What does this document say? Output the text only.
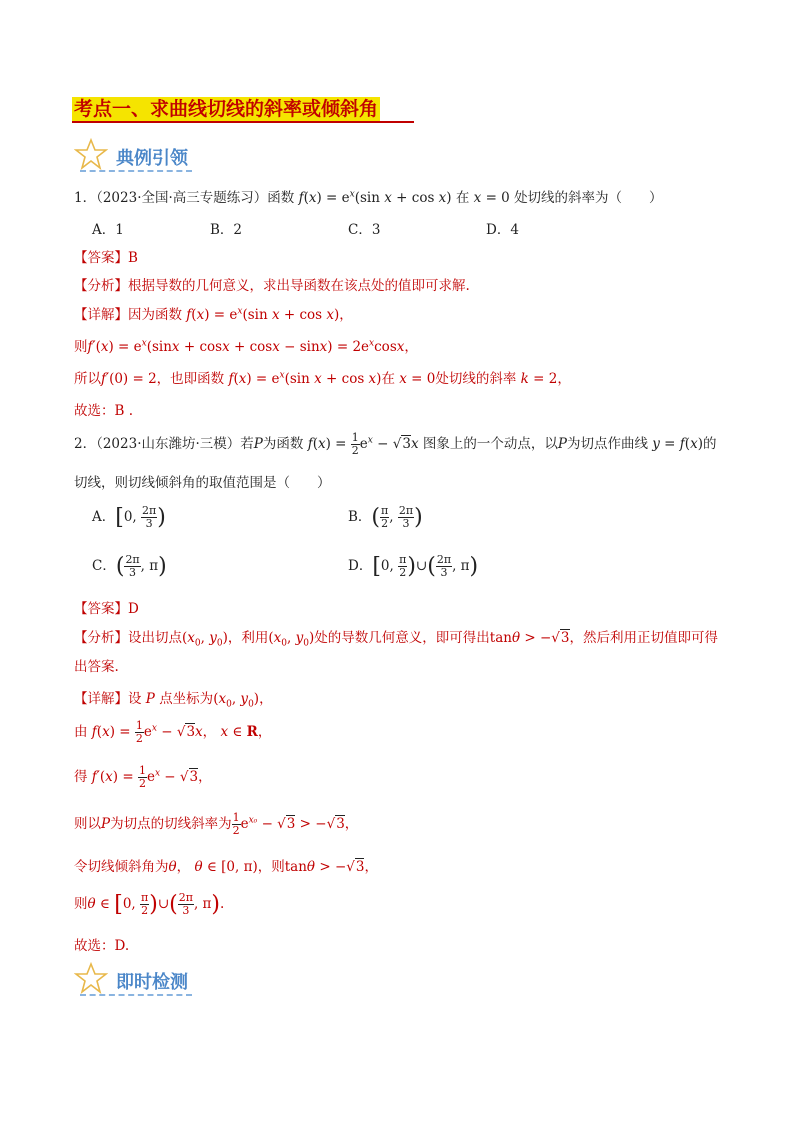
考点一、求曲线切线的斜率或倾斜角
典例引领
1．（2023·全国·高三专题练习）函数 $f(x) = e^x(\sin$ x + cos x) 在 x = 0 处切线的斜率为（　　）
A．1	B．2	C．3	D．4
【答案】B
【分析】根据导数的几何意义，求出导函数在该点处的值即可求解.
【详解】因为函数 $f(x) = e^x(\sin$ x + cos x)，
则$f'(x) = e^x(\sin x + \cos x + \cos x - \sin x) = 2e^x\cos x$，
所以f′(0) = 2，也即函数 $f(x) = e^x(\sin$ x + cos x)在 x = 0处切线的斜率 k = 2，
故选：B .
2．（2023·山东潍坊·三模）若P为函数 $f(x) = \frac{1}{2} e^x - √3x$ 图象上的一个动点，以P为切点作曲线 y = f(x)的
切线，则切线倾斜角的取值范围是（　　）
A．[0, $\frac{2\pi}{3}$ )	B．( $\frac{\pi}{2}$ , $\frac{2\pi}{3}$ )
C．( $\frac{2\pi}{3}$ , π)	D．[0, $\frac{\pi}{2}$ )∪( $\frac{2\pi}{3}$ , π)
【答案】D
【分析】设出切点($x_0$, $y_0$)，利用($x_0$, $y_0$)处的导数几何意义，即可得出tanθ > −√3，然后利用正切值即可得
出答案.
【详解】设 P 点坐标为($x_0$, $y_0$)，
由 $f(x) = \frac{1}{2} e^x - √3x$， x ∈ R，
得 $f'(x) = \frac{1}{2} e^x - √3$，
则以P为切点的切线斜率为 $\frac{1}{2} e^{x_0} - √3 > -√3$，
令切线倾斜角为θ， θ ∈ [0, π)，则tanθ > −√3，
则θ ∈ [0, $\frac{\pi}{2}$ )∪( $\frac{2\pi}{3}$ , π).
故选：D.
即时检测
